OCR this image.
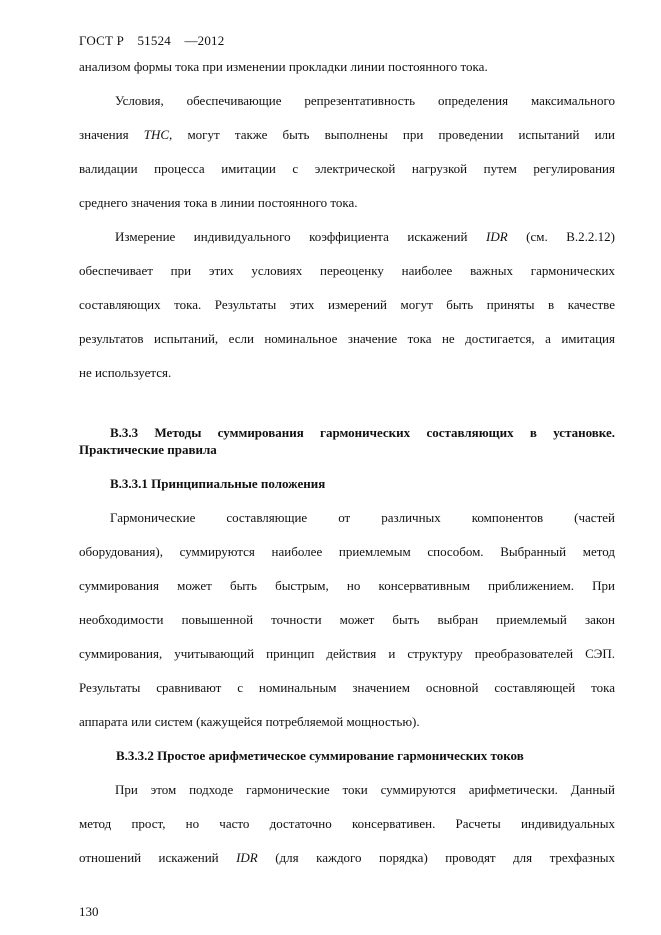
ГОСТ Р 51524 —2012
анализом формы тока при изменении прокладки линии постоянного тока.
Условия, обеспечивающие репрезентативность определения максимального
значения THC, могут также быть выполнены при проведении испытаний или
валидации процесса имитации с электрической нагрузкой путем регулирования
среднего значения тока в линии постоянного тока.
Измерение индивидуального коэффициента искажений IDR (см. В.2.2.12)
обеспечивает при этих условиях переоценку наиболее важных гармонических
составляющих тока. Результаты этих измерений могут быть приняты в качестве
результатов испытаний, если номинальное значение тока не достигается, а имитация
не используется.
В.3.3 Методы суммирования гармонических составляющих в установке.
Практические правила
В.3.3.1 Принципиальные положения
Гармонические составляющие от различных компонентов (частей
оборудования), суммируются наиболее приемлемым способом. Выбранный метод
суммирования может быть быстрым, но консервативным приближением. При
необходимости повышенной точности может быть выбран приемлемый закон
суммирования, учитывающий принцип действия и структуру преобразователей СЭП.
Результаты сравнивают с номинальным значением основной составляющей тока
аппарата или систем (кажущейся потребляемой мощностью).
В.3.3.2 Простое арифметическое суммирование гармонических токов
При этом подходе гармонические токи суммируются арифметически. Данный
метод прост, но часто достаточно консервативен. Расчеты индивидуальных
отношений искажений IDR (для каждого порядка) проводят для трехфазных
130
